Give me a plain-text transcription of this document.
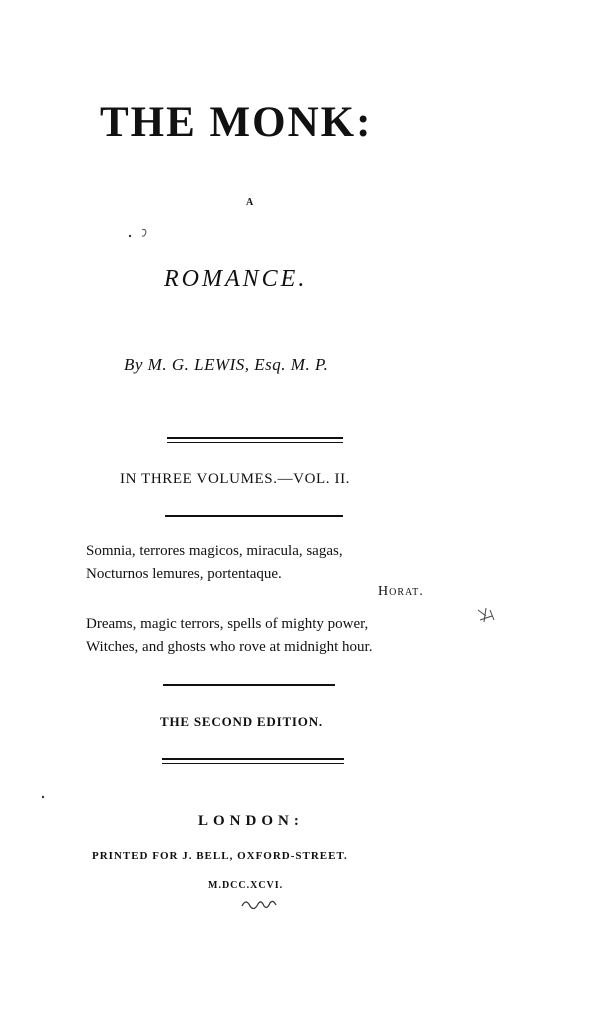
THE MONK:
A
ROMANCE.
By M. G. LEWIS, Esq. M. P.
IN THREE VOLUMES.—VOL. II.
Somnia, terrores magicos, miracula, sagas,
Nocturnos lemures, portentaque.
Horat.
Dreams, magic terrors, spells of mighty power,
Witches, and ghosts who rove at midnight hour.
THE SECOND EDITION.
LONDON:
PRINTED FOR J. BELL, OXFORD-STREET.
M.DCC.XCVI.
